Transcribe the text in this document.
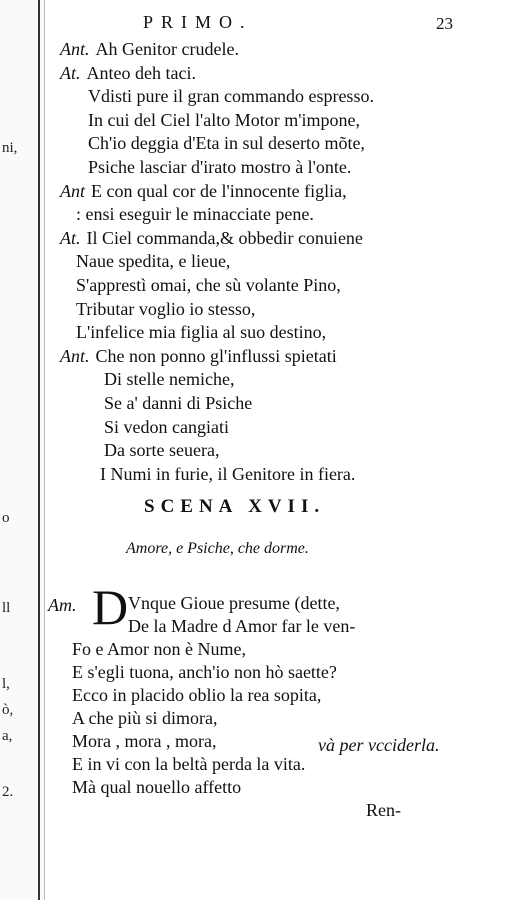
ni,
o
ll
l,
ò,
a,
2.
PRIMO.	23
Ant. Ah Genitor crudele.
At. Anteo deh taci.
Vdisti pure il gran commando espresso.
In cui del Ciel l'alto Motor m'impone,
Ch'io deggia d'Eta in sul deserto mõte,
Psiche lasciar d'irato mostro à l'onte.
Ant E con qual cor de l'innocente figlia,
: ensi eseguir le minacciate pene.
At. Il Ciel commanda,& obbedir conuiene
Naue spedita, e lieue,
S'apprestì omai, che sù volante Pino,
Tributar voglio io stesso,
L'infelice mia figlia al suo destino,
Ant. Che non ponno gl'influssi spietati
Di stelle nemiche,
Se a' danni di Psiche
Si vedon cangiati
Da sorte seuera,
I Numi in furie, il Genitore in fiera.
SCENA XVII.
Amore, e Psiche, che dorme.
Am. D Vnque Gioue presume (dette,
De la Madre d Amor far le ven-
Fo e Amor non è Nume,
E s'egli tuona, anch'io non hò saette?
Ecco in placido oblio la rea sopita,
A che più si dimora,
Mora , mora , mora,
E in vi con la beltà perda la vita.
Mà qual nouello affetto
và per vcciderla.
Ren-
